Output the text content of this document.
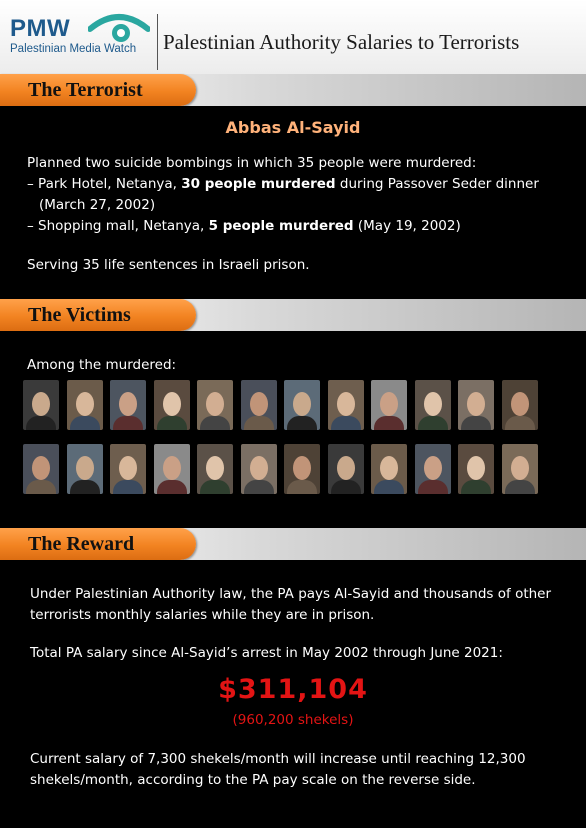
PMW
Palestinian Media Watch Palestinian Authority Salaries to Terrorists
The Terrorist
Abbas Al-Sayid
Planned two suicide bombings in which 35 people were murdered:
– Park Hotel, Netanya, 30 people murdered during Passover Seder dinner
(March 27, 2002)
– Shopping mall, Netanya, 5 people murdered (May 19, 2002)
Serving 35 life sentences in Israeli prison.
The Victims
Among the murdered:
The Reward
Under Palestinian Authority law, the PA pays Al-Sayid and thousands of other terrorists monthly salaries while they are in prison.
Total PA salary since Al-Sayid’s arrest in May 2002 through June 2021:
$311,104
(960,200 shekels)
Current salary of 7,300 shekels/month will increase until reaching 12,300 shekels/month, according to the PA pay scale on the reverse side.
